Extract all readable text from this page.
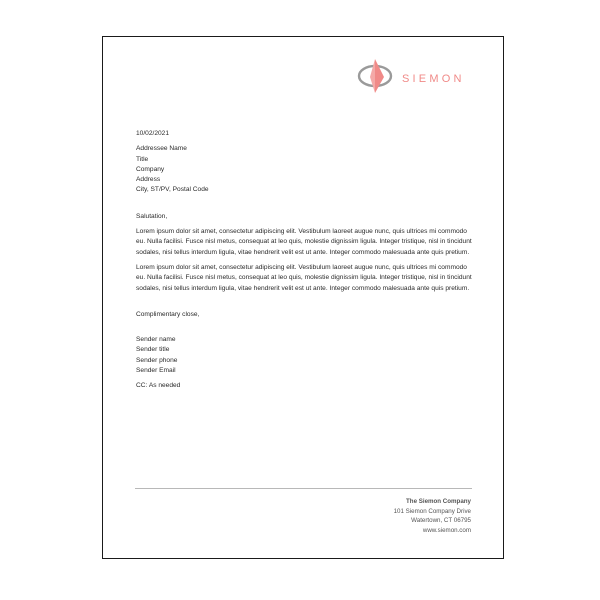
SIEMON
10/02/2021
Addressee Name
Title
Company
Address
City, ST/PV, Postal Code
Salutation,
Lorem ipsum dolor sit amet, consectetur adipiscing elit. Vestibulum laoreet augue nunc, quis ultrices mi commodo eu. Nulla facilisi. Fusce nisl metus, consequat at leo quis, molestie dignissim ligula. Integer tristique, nisl in tincidunt sodales, nisi tellus interdum ligula, vitae hendrerit velit est ut ante. Integer commodo malesuada ante quis pretium.
Lorem ipsum dolor sit amet, consectetur adipiscing elit. Vestibulum laoreet augue nunc, quis ultrices mi commodo eu. Nulla facilisi. Fusce nisl metus, consequat at leo quis, molestie dignissim ligula. Integer tristique, nisl in tincidunt sodales, nisi tellus interdum ligula, vitae hendrerit velit est ut ante. Integer commodo malesuada ante quis pretium.
Complimentary close,
Sender name
Sender title
Sender phone
Sender Email
CC: As needed
The Siemon Company
101 Siemon Company Drive
Watertown, CT 06795
www.siemon.com
